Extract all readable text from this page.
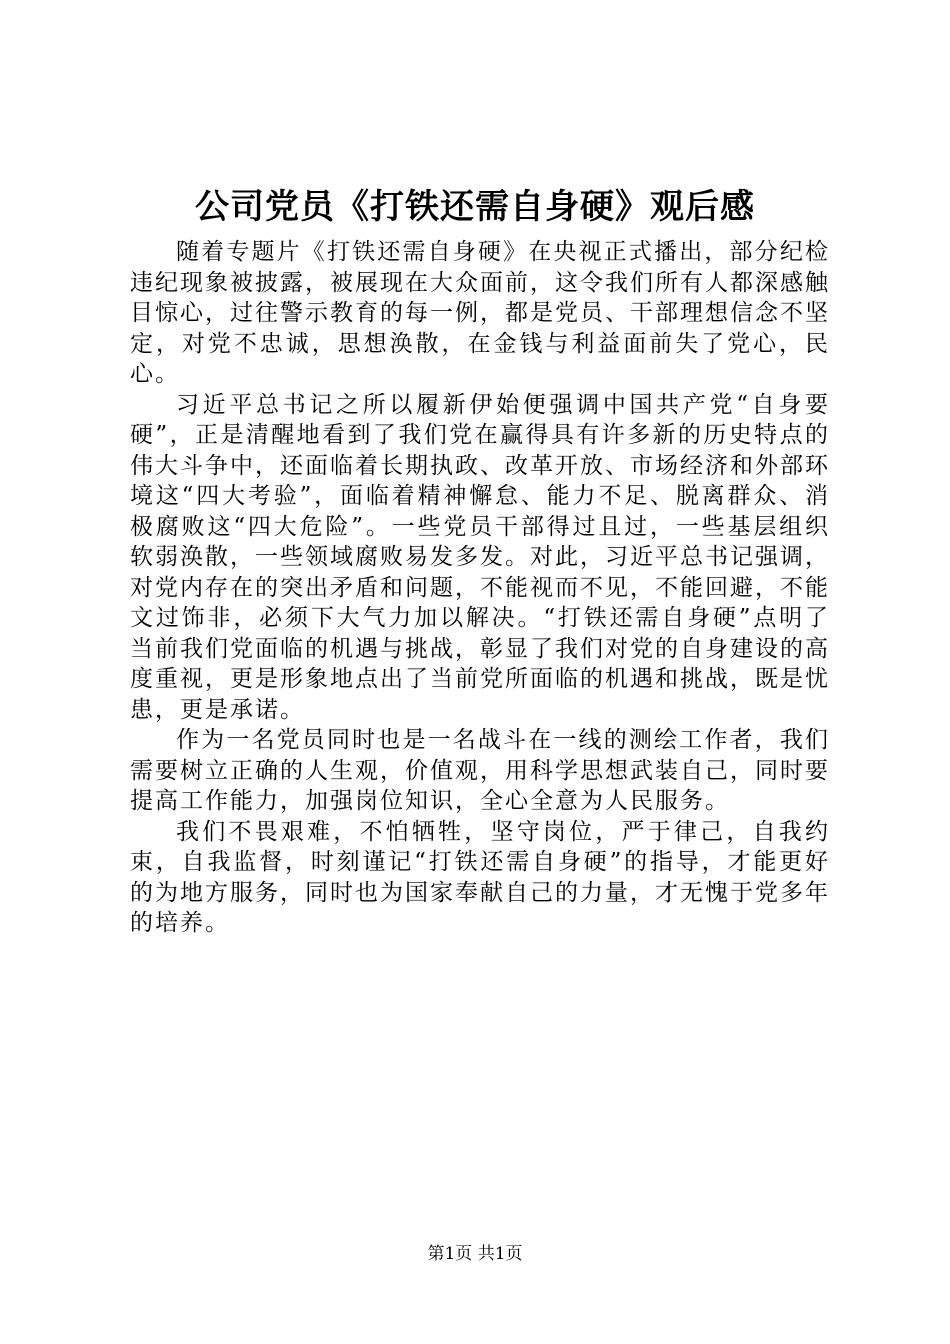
公司党员《打铁还需自身硬》观后感

随着专题片《打铁还需自身硬》在央视正式播出，部分纪检违纪现象被披露，被展现在大众面前，这令我们所有人都深感触目惊心，过往警示教育的每一例，都是党员、干部理想信念不坚定，对党不忠诚，思想涣散，在金钱与利益面前失了党心，民心。

习近平总书记之所以履新伊始便强调中国共产党“自身要硬”，正是清醒地看到了我们党在赢得具有许多新的历史特点的伟大斗争中，还面临着长期执政、改革开放、市场经济和外部环境这“四大考验”，面临着精神懈怠、能力不足、脱离群众、消极腐败这“四大危险”。一些党员干部得过且过，一些基层组织软弱涣散，一些领域腐败易发多发。对此，习近平总书记强调，对党内存在的突出矛盾和问题，不能视而不见，不能回避，不能文过饰非，必须下大气力加以解决。“打铁还需自身硬”点明了当前我们党面临的机遇与挑战，彰显了我们对党的自身建设的高度重视，更是形象地点出了当前党所面临的机遇和挑战，既是忧患，更是承诺。

作为一名党员同时也是一名战斗在一线的测绘工作者，我们需要树立正确的人生观，价值观，用科学思想武装自己，同时要提高工作能力，加强岗位知识，全心全意为人民服务。

我们不畏艰难，不怕牺牲，坚守岗位，严于律己，自我约束，自我监督，时刻谨记“打铁还需自身硬”的指导，才能更好的为地方服务，同时也为国家奉献自己的力量，才无愧于党多年的培养。

第1页 共1页
